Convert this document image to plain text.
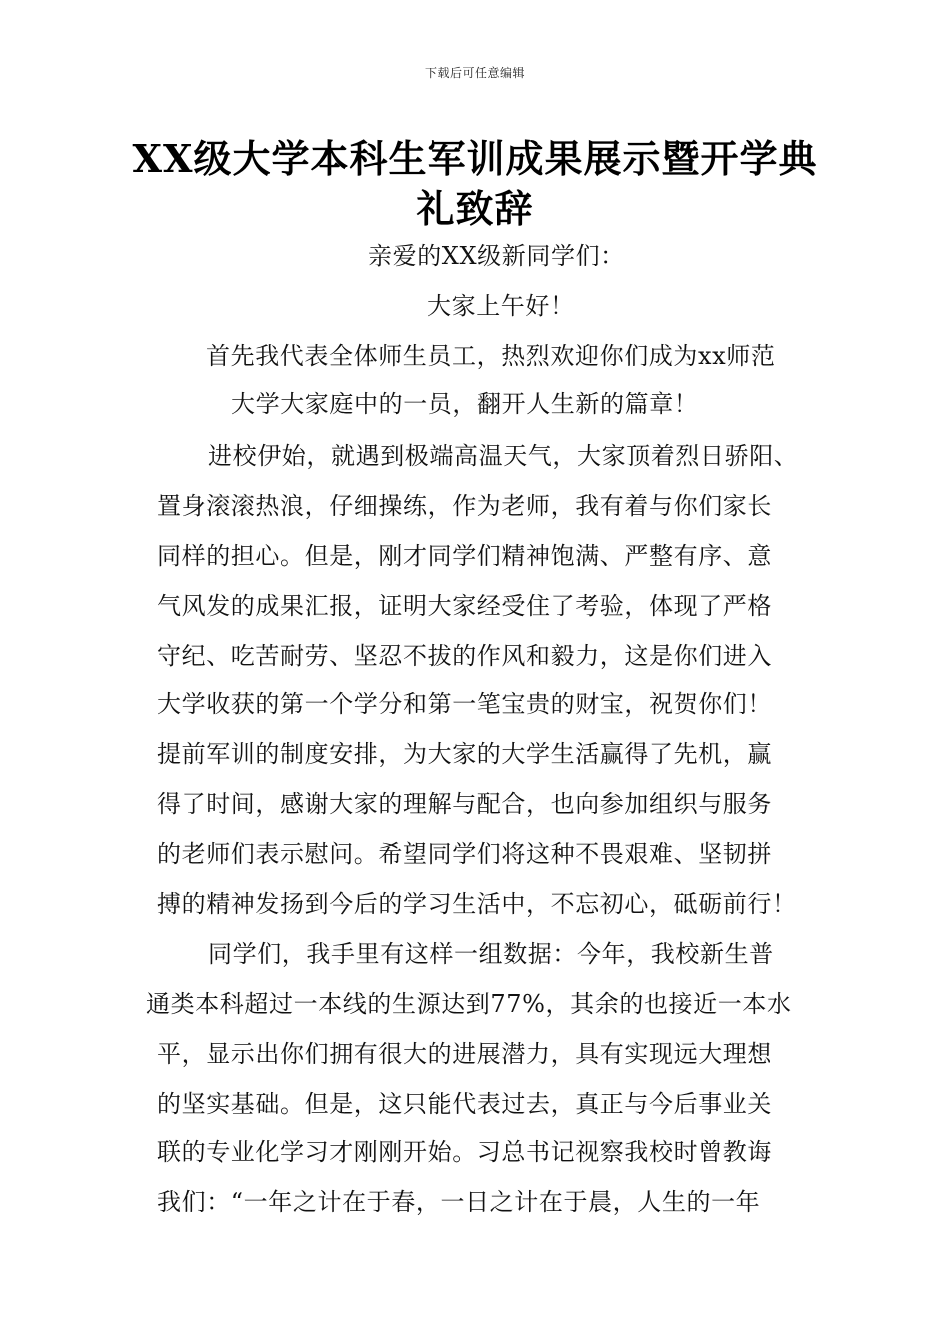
下载后可任意编辑
XX级大学本科生军训成果展示暨开学典
礼致辞
亲爱的XX级新同学们：
大家上午好！
首先我代表全体师生员工，热烈欢迎你们成为xx师范
大学大家庭中的一员，翻开人生新的篇章！
进校伊始，就遇到极端高温天气，大家顶着烈日骄阳、
置身滚滚热浪，仔细操练，作为老师，我有着与你们家长
同样的担心。但是，刚才同学们精神饱满、严整有序、意
气风发的成果汇报，证明大家经受住了考验，体现了严格
守纪、吃苦耐劳、坚忍不拔的作风和毅力，这是你们进入
大学收获的第一个学分和第一笔宝贵的财宝，祝贺你们！
提前军训的制度安排，为大家的大学生活赢得了先机，赢
得了时间，感谢大家的理解与配合，也向参加组织与服务
的老师们表示慰问。希望同学们将这种不畏艰难、坚韧拼
搏的精神发扬到今后的学习生活中，不忘初心，砥砺前行！
同学们，我手里有这样一组数据：今年，我校新生普
通类本科超过一本线的生源达到77%，其余的也接近一本水
平，显示出你们拥有很大的进展潜力，具有实现远大理想
的坚实基础。但是，这只能代表过去，真正与今后事业关
联的专业化学习才刚刚开始。习总书记视察我校时曾教诲
我们：“一年之计在于春，一日之计在于晨，人生的一年
